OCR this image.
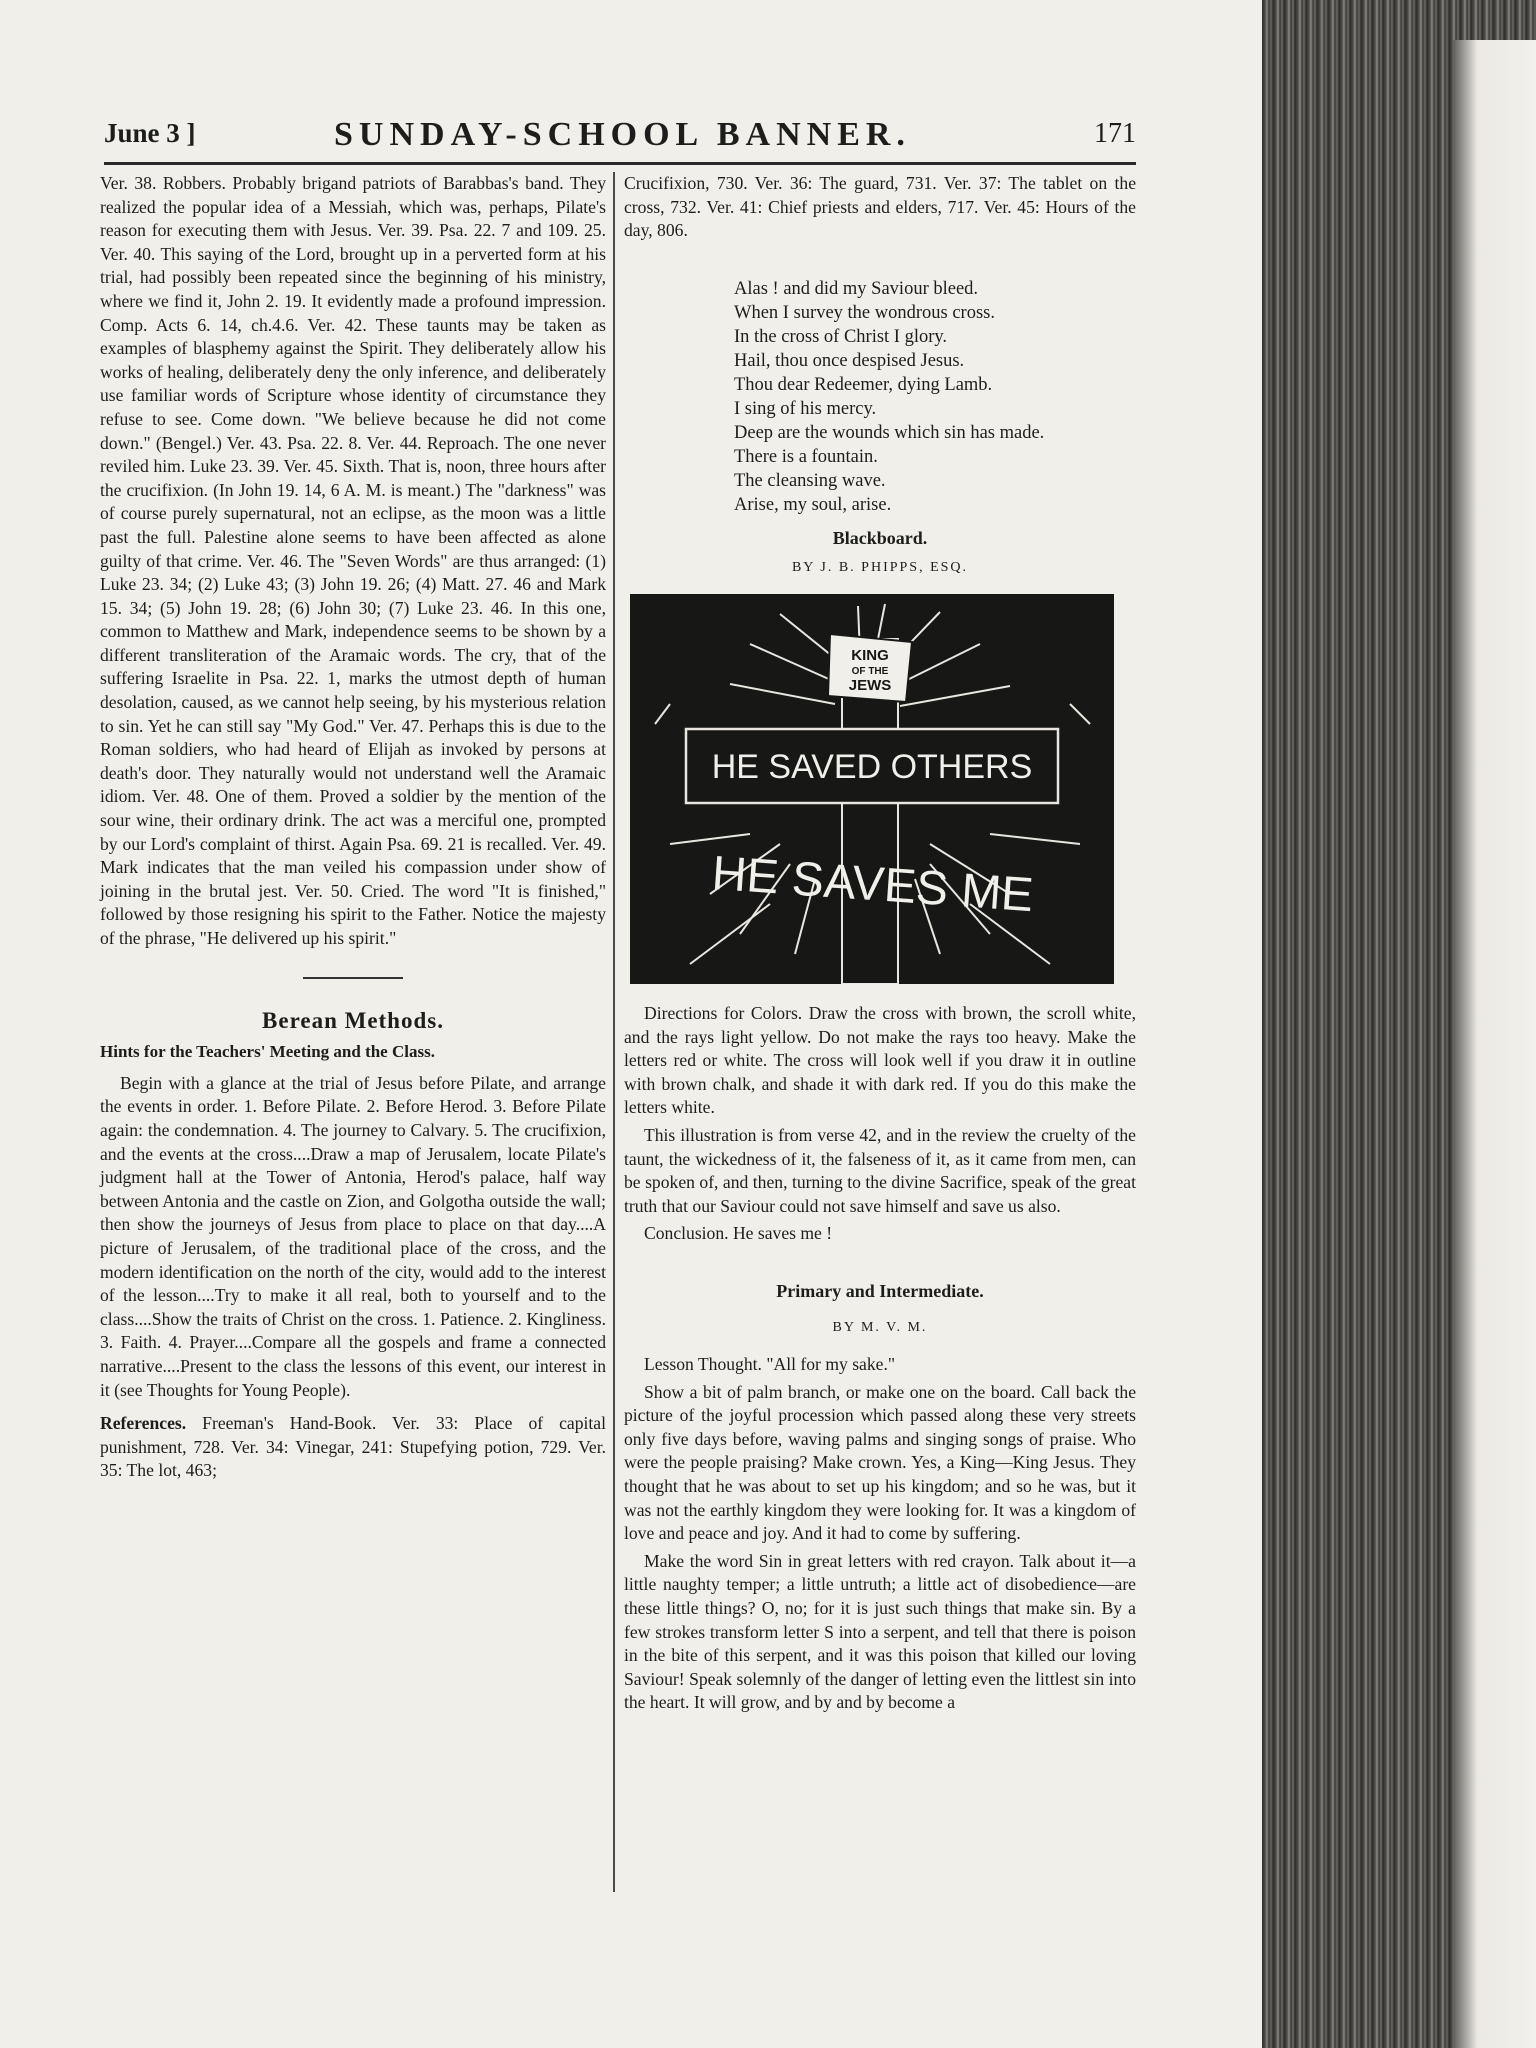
June 3 ]	SUNDAY-SCHOOL BANNER.	171

Ver. 38. Robbers. Probably brigand patriots of Barabbas's band. They realized the popular idea of a Messiah, which was, perhaps, Pilate's reason for executing them with Jesus. Ver. 39. Psa. 22. 7 and 109. 25. Ver. 40. This saying of the Lord, brought up in a perverted form at his trial, had possibly been repeated since the beginning of his ministry, where we find it, John 2. 19. It evidently made a profound impression. Comp. Acts 6. 14, ch.4.6. Ver. 42. These taunts may be taken as examples of blasphemy against the Spirit. They deliberately allow his works of healing, deliberately deny the only inference, and deliberately use familiar words of Scripture whose identity of circumstance they refuse to see. Come down. "We believe because he did not come down." (Bengel.) Ver. 43. Psa. 22. 8. Ver. 44. Reproach. The one never reviled him. Luke 23. 39. Ver. 45. Sixth. That is, noon, three hours after the crucifixion. (In John 19. 14, 6 A. M. is meant.) The "darkness" was of course purely supernatural, not an eclipse, as the moon was a little past the full. Palestine alone seems to have been affected as alone guilty of that crime. Ver. 46. The "Seven Words" are thus arranged: (1) Luke 23. 34; (2) Luke 43; (3) John 19. 26; (4) Matt. 27. 46 and Mark 15. 34; (5) John 19. 28; (6) John 30; (7) Luke 23. 46. In this one, common to Matthew and Mark, independence seems to be shown by a different transliteration of the Aramaic words. The cry, that of the suffering Israelite in Psa. 22. 1, marks the utmost depth of human desolation, caused, as we cannot help seeing, by his mysterious relation to sin. Yet he can still say "My God." Ver. 47. Perhaps this is due to the Roman soldiers, who had heard of Elijah as invoked by persons at death's door. They naturally would not understand well the Aramaic idiom. Ver. 48. One of them. Proved a soldier by the mention of the sour wine, their ordinary drink. The act was a merciful one, prompted by our Lord's complaint of thirst. Again Psa. 69. 21 is recalled. Ver. 49. Mark indicates that the man veiled his compassion under show of joining in the brutal jest. Ver. 50. Cried. The word "It is finished," followed by those resigning his spirit to the Father. Notice the majesty of the phrase, "He delivered up his spirit."

Berean Methods.
Hints for the Teachers' Meeting and the Class.

Begin with a glance at the trial of Jesus before Pilate, and arrange the events in order. 1. Before Pilate. 2. Before Herod. 3. Before Pilate again: the condemnation. 4. The journey to Calvary. 5. The crucifixion, and the events at the cross....Draw a map of Jerusalem, locate Pilate's judgment hall at the Tower of Antonia, Herod's palace, half way between Antonia and the castle on Zion, and Golgotha outside the wall; then show the journeys of Jesus from place to place on that day....A picture of Jerusalem, of the traditional place of the cross, and the modern identification on the north of the city, would add to the interest of the lesson....Try to make it all real, both to yourself and to the class....Show the traits of Christ on the cross. 1. Patience. 2. Kingliness. 3. Faith. 4. Prayer....Compare all the gospels and frame a connected narrative....Present to the class the lessons of this event, our interest in it (see Thoughts for Young People).

References. Freeman's Hand-Book. Ver. 33: Place of capital punishment, 728. Ver. 34: Vinegar, 241: Stupefying potion, 729. Ver. 35: The lot, 463;

Crucifixion, 730. Ver. 36: The guard, 731. Ver. 37: The tablet on the cross, 732. Ver. 41: Chief priests and elders, 717. Ver. 45: Hours of the day, 806.

Alas ! and did my Saviour bleed.
When I survey the wondrous cross.
In the cross of Christ I glory.
Hail, thou once despised Jesus.
Thou dear Redeemer, dying Lamb.
I sing of his mercy.
Deep are the wounds which sin has made.
There is a fountain.
The cleansing wave.
Arise, my soul, arise.
Blackboard.
BY J. B. PHIPPS, ESQ.
KING
OF THE
JEWS
HE SAVED OTHERS
HE SAVES ME

Directions for Colors. Draw the cross with brown, the scroll white, and the rays light yellow. Do not make the rays too heavy. Make the letters red or white. The cross will look well if you draw it in outline with brown chalk, and shade it with dark red. If you do this make the letters white.

This illustration is from verse 42, and in the review the cruelty of the taunt, the wickedness of it, the falseness of it, as it came from men, can be spoken of, and then, turning to the divine Sacrifice, speak of the great truth that our Saviour could not save himself and save us also.

Conclusion. He saves me !

Primary and Intermediate.
BY M. V. M.

Lesson Thought. "All for my sake."

Show a bit of palm branch, or make one on the board. Call back the picture of the joyful procession which passed along these very streets only five days before, waving palms and singing songs of praise. Who were the people praising? Make crown. Yes, a King—King Jesus. They thought that he was about to set up his kingdom; and so he was, but it was not the earthly kingdom they were looking for. It was a kingdom of love and peace and joy. And it had to come by suffering.

Make the word Sin in great letters with red crayon. Talk about it—a little naughty temper; a little untruth; a little act of disobedience—are these little things? O, no; for it is just such things that make sin. By a few strokes transform letter S into a serpent, and tell that there is poison in the bite of this serpent, and it was this poison that killed our loving Saviour! Speak solemnly of the danger of letting even the littlest sin into the heart. It will grow, and by and by become a
